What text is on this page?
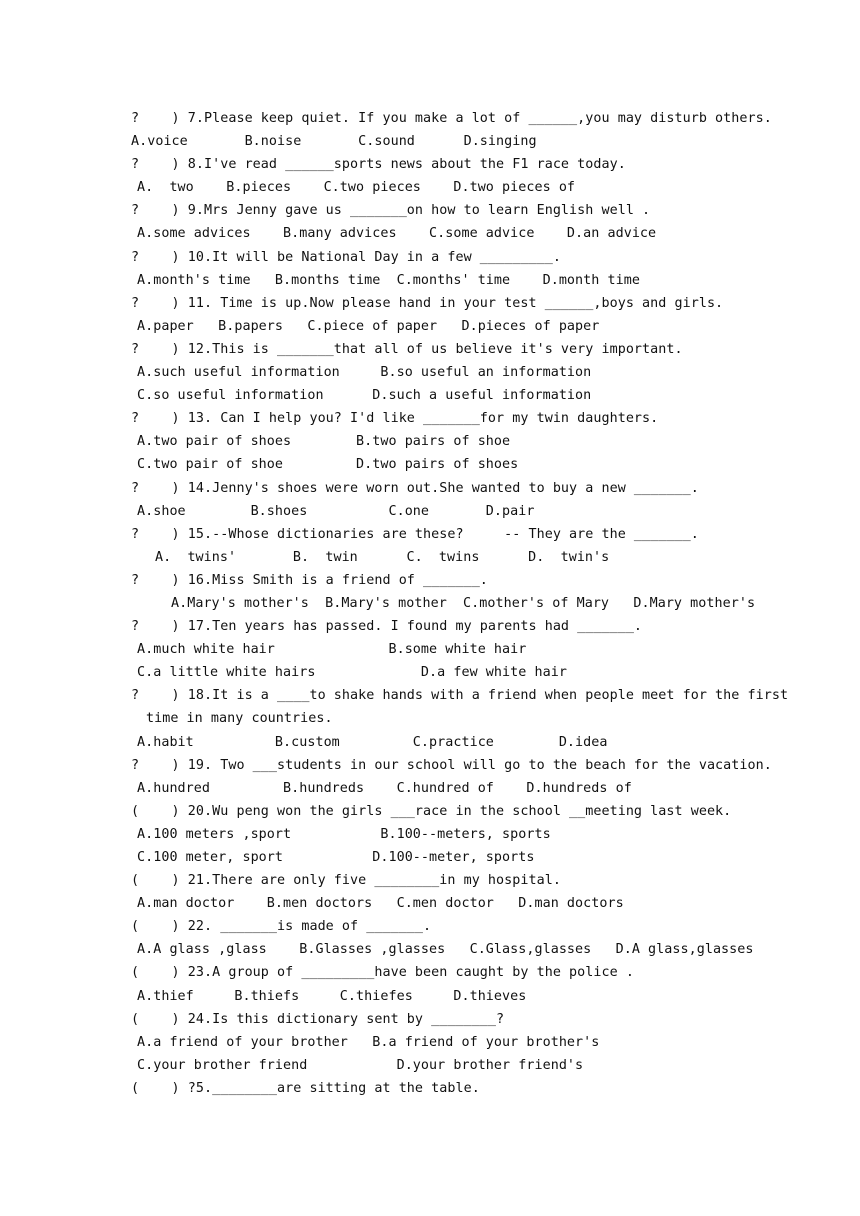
?    ) 7.Please keep quiet. If you make a lot of ______,you may disturb others.
A.voice       B.noise       C.sound      D.singing
?    ) 8.I've read ______sports news about the F1 race today.
A.  two    B.pieces    C.two pieces    D.two pieces of
?    ) 9.Mrs Jenny gave us _______on how to learn English well .
A.some advices    B.many advices    C.some advice    D.an advice
?    ) 10.It will be National Day in a few _________.
A.month's time   B.months time  C.months' time    D.month time
?    ) 11. Time is up.Now please hand in your test ______,boys and girls.
A.paper   B.papers   C.piece of paper   D.pieces of paper
?    ) 12.This is _______that all of us believe it's very important.
A.such useful information     B.so useful an information
C.so useful information      D.such a useful information
?    ) 13. Can I help you? I'd like _______for my twin daughters.
A.two pair of shoes        B.two pairs of shoe
C.two pair of shoe         D.two pairs of shoes
?    ) 14.Jenny's shoes were worn out.She wanted to buy a new _______.
A.shoe        B.shoes          C.one       D.pair
?    ) 15.--Whose dictionaries are these?     -- They are the _______.
A.  twins'       B.  twin      C.  twins      D.  twin's
?    ) 16.Miss Smith is a friend of _______.
A.Mary's mother's  B.Mary's mother  C.mother's of Mary   D.Mary mother's
?    ) 17.Ten years has passed. I found my parents had _______.
A.much white hair              B.some white hair
C.a little white hairs             D.a few white hair
?    ) 18.It is a ____to shake hands with a friend when people meet for the first
time in many countries.
A.habit          B.custom         C.practice        D.idea
?    ) 19. Two ___students in our school will go to the beach for the vacation.
A.hundred         B.hundreds    C.hundred of    D.hundreds of
(    ) 20.Wu peng won the girls ___race in the school __meeting last week.
A.100 meters ,sport           B.100--meters, sports
C.100 meter, sport           D.100--meter, sports
(    ) 21.There are only five ________in my hospital.
A.man doctor    B.men doctors   C.men doctor   D.man doctors
(    ) 22. _______is made of _______.
A.A glass ,glass    B.Glasses ,glasses   C.Glass,glasses   D.A glass,glasses
(    ) 23.A group of _________have been caught by the police .
A.thief     B.thiefs     C.thiefes     D.thieves
(    ) 24.Is this dictionary sent by ________?
A.a friend of your brother   B.a friend of your brother's
C.your brother friend           D.your brother friend's
(    ) ?5.________are sitting at the table.
